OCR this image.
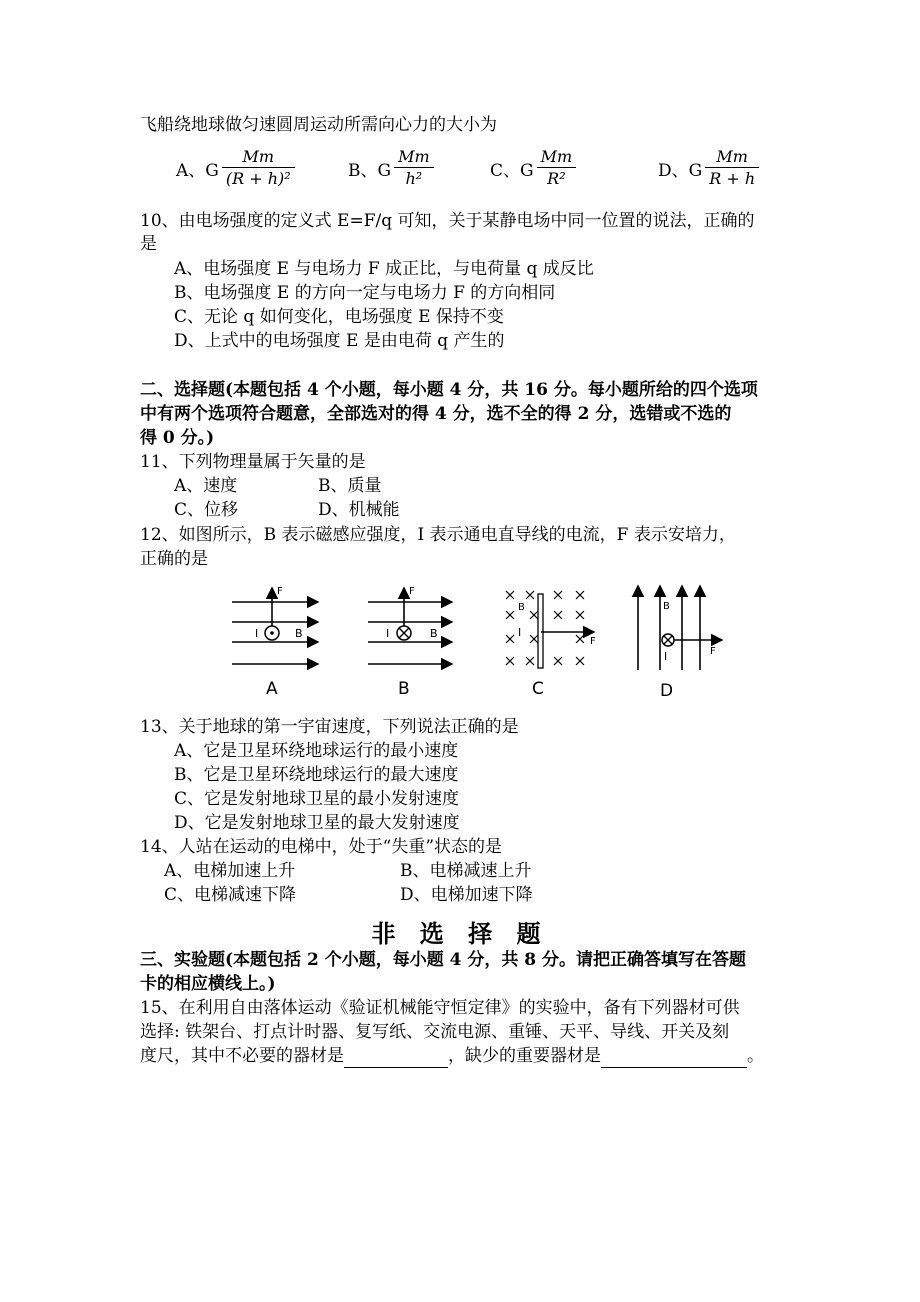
飞船绕地球做匀速圆周运动所需向心力的大小为
A、G $\frac{Mm}{\text{(R + h)²}}$	B、G $\frac{Mm}{\text{h²}}$	C、G $\frac{Mm}{\text{R²}}$	D、G $\frac{Mm}{R + h}$
10、由电场强度的定义式 E=F/q 可知，关于某静电场中同一位置的说法，正确的
是
A、电场强度 E 与电场力 F 成正比，与电荷量 q 成反比
B、电场强度 E 的方向一定与电场力 F 的方向相同
C、无论 q 如何变化，电场强度 E 保持不变
D、上式中的电场强度 E 是由电荷 q 产生的
二、选择题(本题包括 4 个小题，每小题 4 分，共 16 分。每小题所给的四个选项
中有两个选项符合题意，全部选对的得 4 分，选不全的得 2 分，选错或不选的
得 0 分。)
11、下列物理量属于矢量的是
A、速度	B、质量
C、位移	D、机械能
12、如图所示，B 表示磁感应强度，I 表示通电直导线的电流，F 表示安培力，
正确的是
F
I	B
A
F
I	B
B
B
I
F
C
B
I	F
D
13、关于地球的第一宇宙速度，下列说法正确的是
A、它是卫星环绕地球运行的最小速度
B、它是卫星环绕地球运行的最大速度
C、它是发射地球卫星的最小发射速度
D、它是发射地球卫星的最大发射速度
14、人站在运动的电梯中，处于“失重”状态的是
A、电梯加速上升	B、电梯减速上升
C、电梯减速下降	D、电梯加速下降
非 选 择 题
三、实验题(本题包括 2 个小题，每小题 4 分，共 8 分。请把正确答填写在答题
卡的相应横线上。)
15、在利用自由落体运动《验证机械能守恒定律》的实验中，备有下列器材可供
选择: 铁架台、打点计时器、复写纸、交流电源、重锤、天平、导线、开关及刻
度尺，其中不必要的器材是	，缺少的重要器材是	。
